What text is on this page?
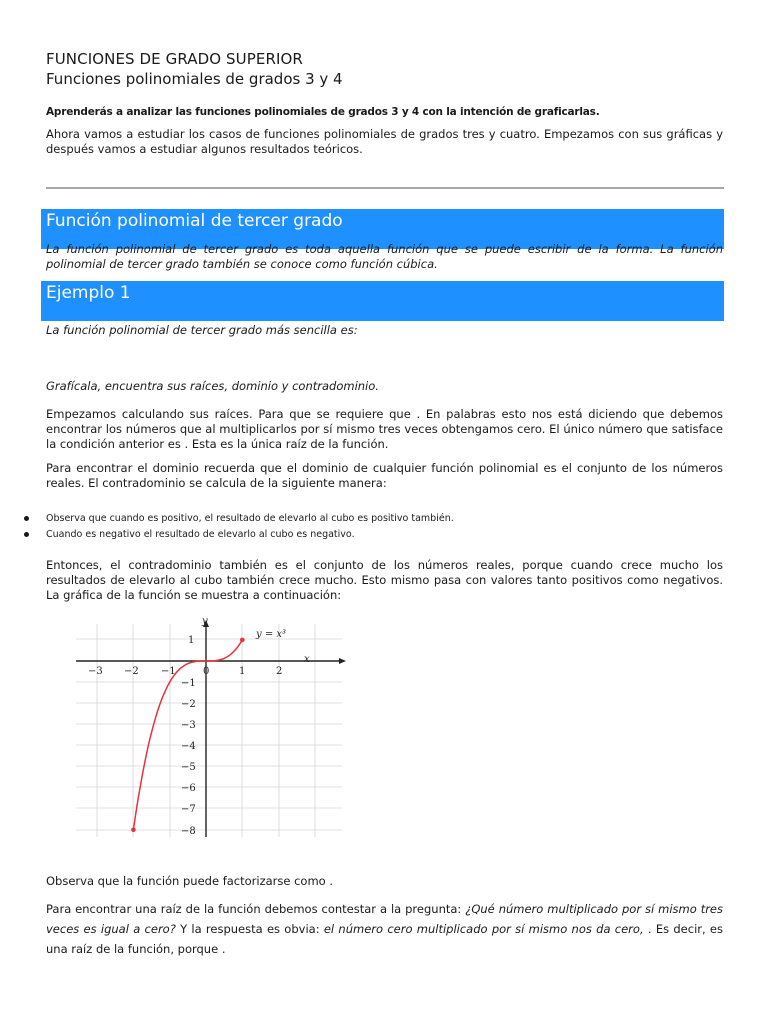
FUNCIONES DE GRADO SUPERIOR
Funciones polinomiales de grados 3 y 4
Aprenderás a analizar las funciones polinomiales de grados 3 y 4 con la intención de graficarlas.
Ahora vamos a estudiar los casos de funciones polinomiales de grados tres y cuatro. Empezamos con sus gráficas y después vamos a estudiar algunos resultados teóricos.
Función polinomial de tercer grado
La función polinomial de tercer grado es toda aquella función que se puede escribir de la forma. La función polinomial de tercer grado también se conoce como función cúbica.
Ejemplo 1
La función polinomial de tercer grado más sencilla es:
Grafícala, encuentra sus raíces, dominio y contradominio.
Empezamos calculando sus raíces. Para que se requiere que . En palabras esto nos está diciendo que debemos encontrar los números que al multiplicarlos por sí mismo tres veces obtengamos cero. El único número que satisface la condición anterior es . Esta es la única raíz de la función.
Para encontrar el dominio recuerda que el dominio de cualquier función polinomial es el conjunto de los números reales. El contradominio se calcula de la siguiente manera:
Observa que cuando es positivo, el resultado de elevarlo al cubo es positivo también.
Cuando es negativo el resultado de elevarlo al cubo es negativo.
Entonces, el contradominio también es el conjunto de los números reales, porque cuando crece mucho los resultados de elevarlo al cubo también crece mucho. Esto mismo pasa con valores tanto positivos como negativos. La gráfica de la función se muestra a continuación:
x
y
y = x³
−3 −2 −1	0	1	2
1
−1
−2
−3
−4
−5
−6
−7
−8
Observa que la función puede factorizarse como .
Para encontrar una raíz de la función debemos contestar a la pregunta: ¿Qué número multiplicado por sí mismo tres veces es igual a cero? Y la respuesta es obvia: el número cero multiplicado por sí mismo nos da cero, . Es decir, es una raíz de la función, porque .
